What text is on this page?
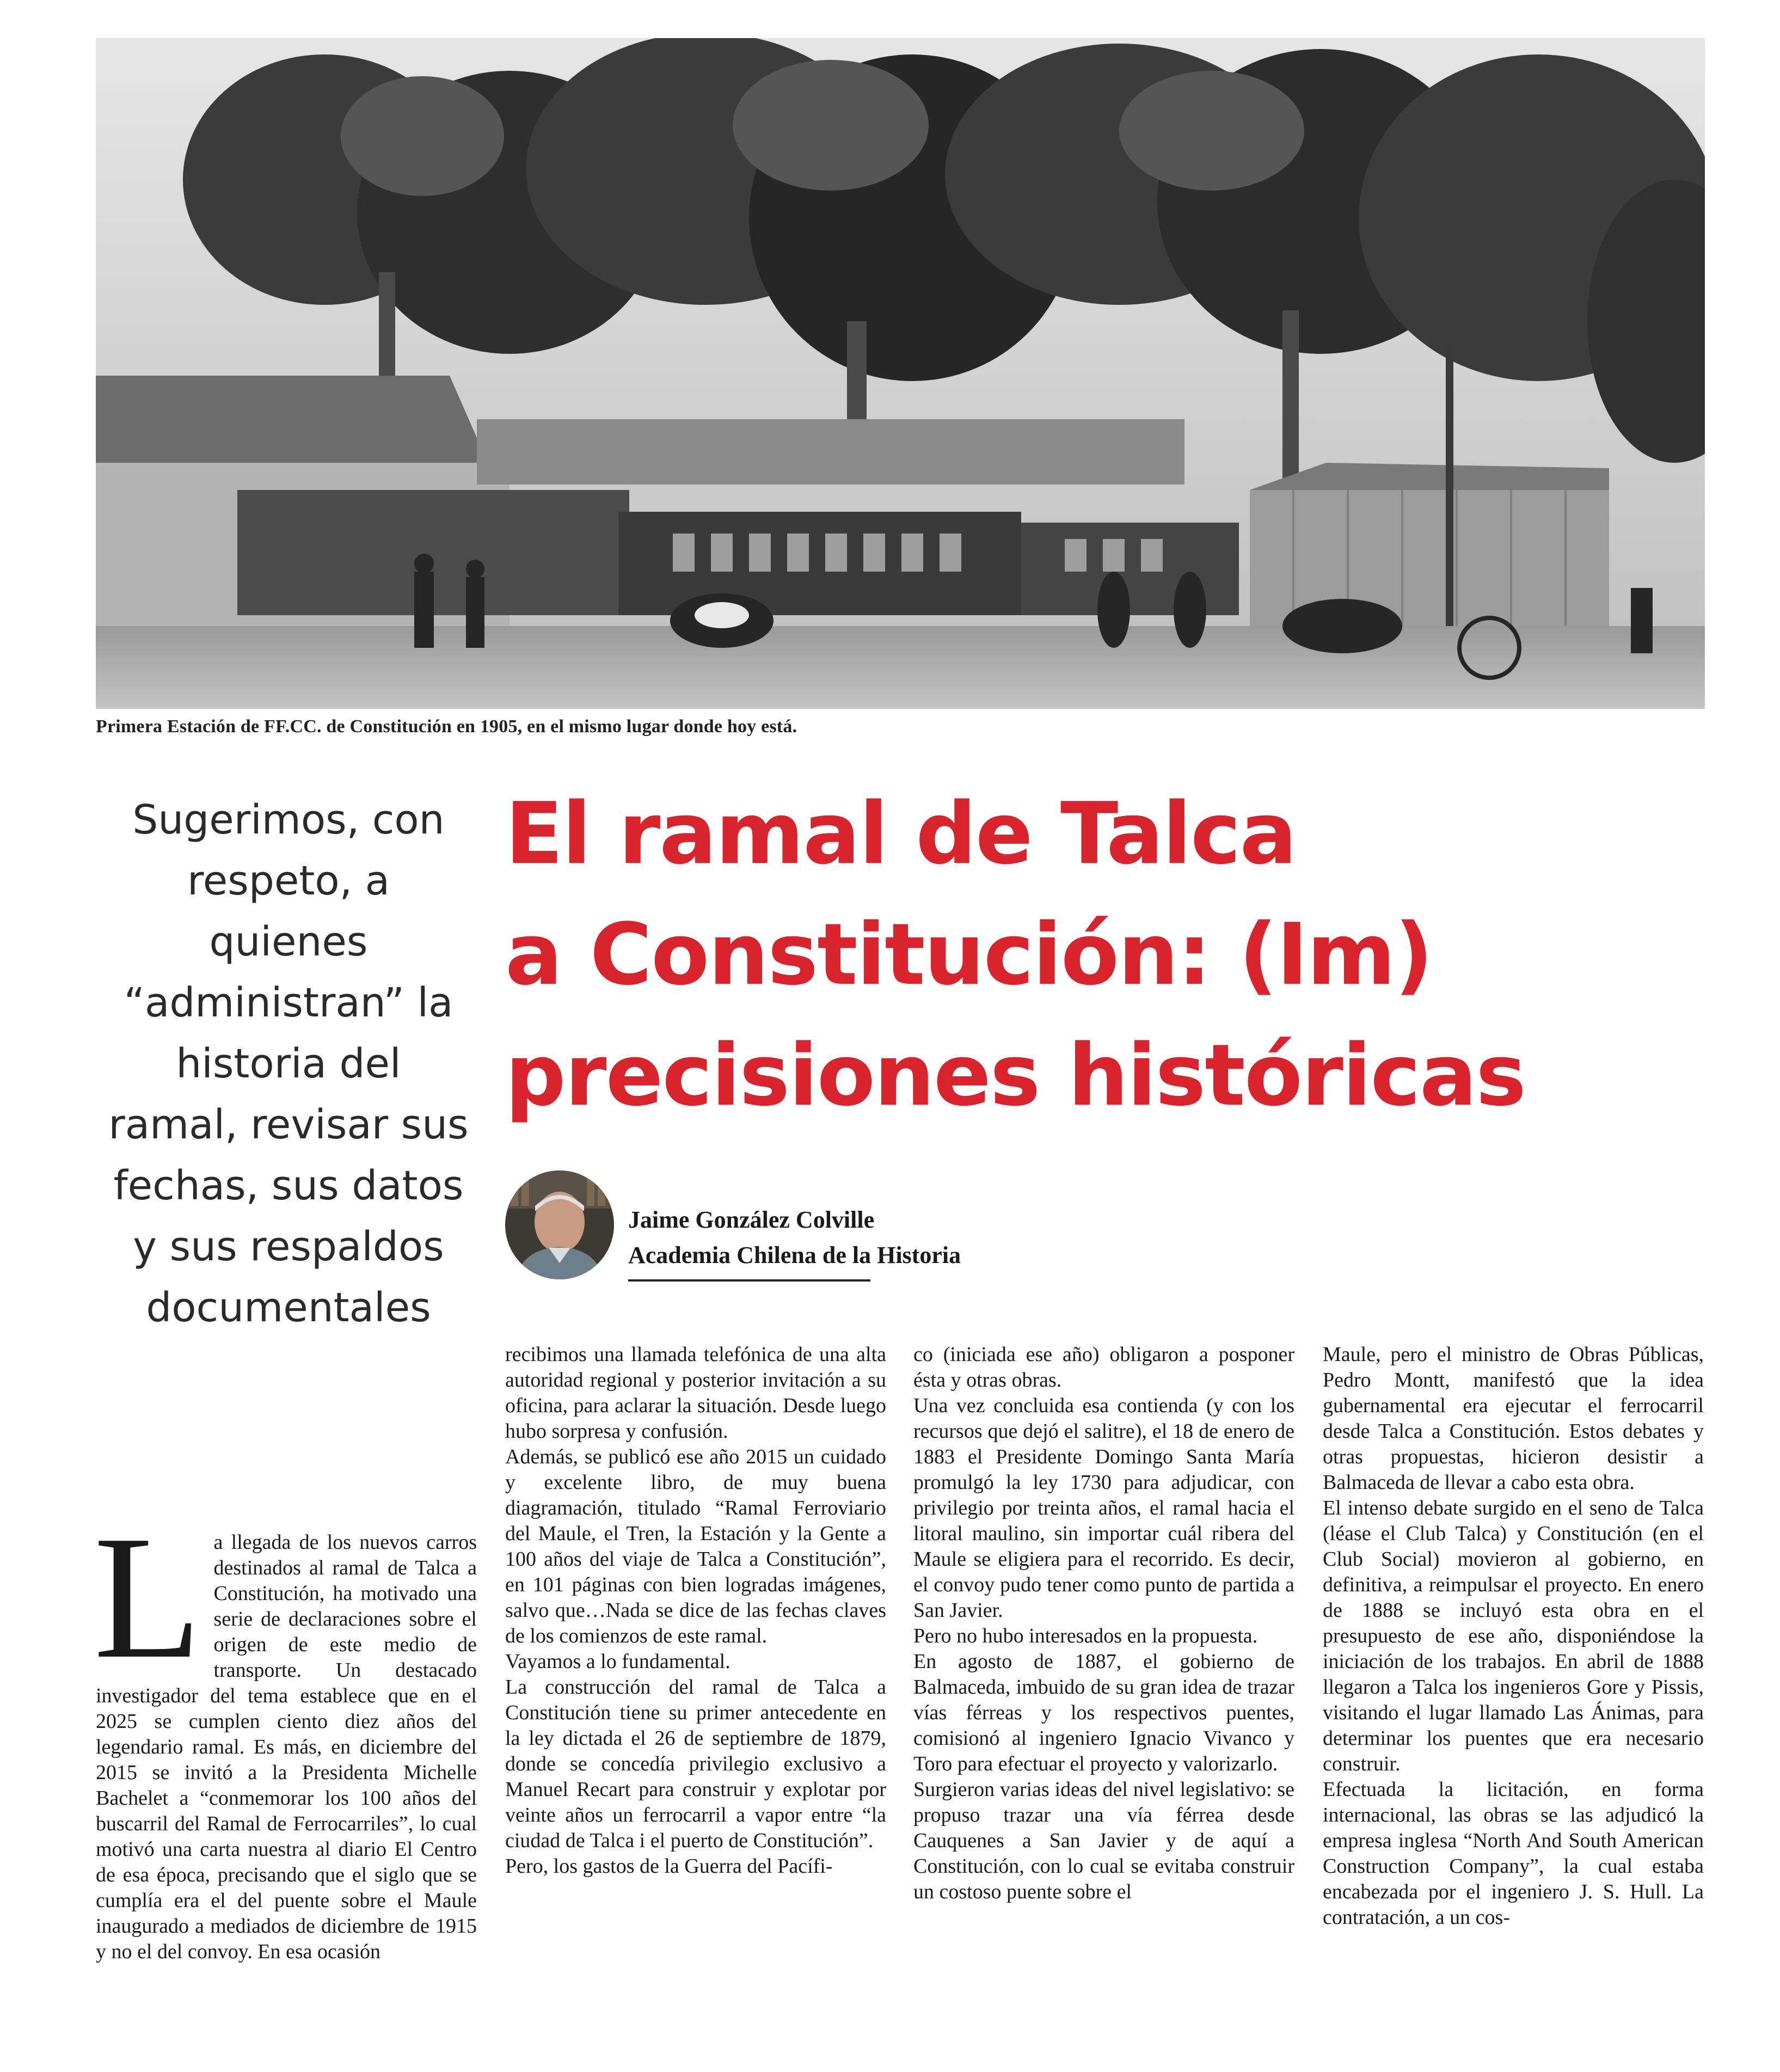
Primera Estación de FF.CC. de Constitución en 1905, en el mismo lugar donde hoy está.
Sugerimos, con respeto, a quienes “administran” la historia del ramal, revisar sus fechas, sus datos y sus respaldos documentales
El ramal de Talca
a Constitución: (Im)
precisiones históricas
Jaime González Colville
Academia Chilena de la Historia
L a llegada de los nuevos carros destinados al ramal de Talca a Constitución, ha motivado una serie de declaraciones sobre el origen de este medio de transporte. Un destacado investigador del tema establece que en el 2025 se cumplen ciento diez años del legendario ramal. Es más, en diciembre del 2015 se invitó a la Presidenta Michelle Bachelet a “conmemorar los 100 años del buscarril del Ramal de Ferrocarriles”, lo cual motivó una carta nuestra al diario El Centro de esa época, precisando que el siglo que se cumplía era el del puente sobre el Maule inaugurado a mediados de diciembre de 1915 y no el del convoy. En esa ocasión

recibimos una llamada telefónica de una alta autoridad regional y posterior invitación a su oficina, para aclarar la situación. Desde luego hubo sorpresa y confusión.

Además, se publicó ese año 2015 un cuidado y excelente libro, de muy buena diagramación, titulado “Ramal Ferroviario del Maule, el Tren, la Estación y la Gente a 100 años del viaje de Talca a Constitución”, en 101 páginas con bien logradas imágenes, salvo que…Nada se dice de las fechas claves de los comienzos de este ramal.

Vayamos a lo fundamental.

La construcción del ramal de Talca a Constitución tiene su primer antecedente en la ley dictada el 26 de septiembre de 1879, donde se concedía privilegio exclusivo a Manuel Recart para construir y explotar por veinte años un ferrocarril a vapor entre “la ciudad de Talca i el puerto de Constitución”.

Pero, los gastos de la Guerra del Pacífi-

co (iniciada ese año) obligaron a posponer ésta y otras obras.

Una vez concluida esa contienda (y con los recursos que dejó el salitre), el 18 de enero de 1883 el Presidente Domingo Santa María promulgó la ley 1730 para adjudicar, con privilegio por treinta años, el ramal hacia el litoral maulino, sin importar cuál ribera del Maule se eligiera para el recorrido. Es decir, el convoy pudo tener como punto de partida a San Javier.

Pero no hubo interesados en la propuesta.

En agosto de 1887, el gobierno de Balmaceda, imbuido de su gran idea de trazar vías férreas y los respectivos puentes, comisionó al ingeniero Ignacio Vivanco y Toro para efectuar el proyecto y valorizarlo.

Surgieron varias ideas del nivel legislativo: se propuso trazar una vía férrea desde Cauquenes a San Javier y de aquí a Constitución, con lo cual se evitaba construir un costoso puente sobre el

Maule, pero el ministro de Obras Públicas, Pedro Montt, manifestó que la idea gubernamental era ejecutar el ferrocarril desde Talca a Constitución. Estos debates y otras propuestas, hicieron desistir a Balmaceda de llevar a cabo esta obra.

El intenso debate surgido en el seno de Talca (léase el Club Talca) y Constitución (en el Club Social) movieron al gobierno, en definitiva, a reimpulsar el proyecto. En enero de 1888 se incluyó esta obra en el presupuesto de ese año, disponiéndose la iniciación de los trabajos. En abril de 1888 llegaron a Talca los ingenieros Gore y Pissis, visitando el lugar llamado Las Ánimas, para determinar los puentes que era necesario construir.

Efectuada la licitación, en forma internacional, las obras se las adjudicó la empresa inglesa “North And South American Construction Company”, la cual estaba encabezada por el ingeniero J. S. Hull. La contratación, a un cos-
